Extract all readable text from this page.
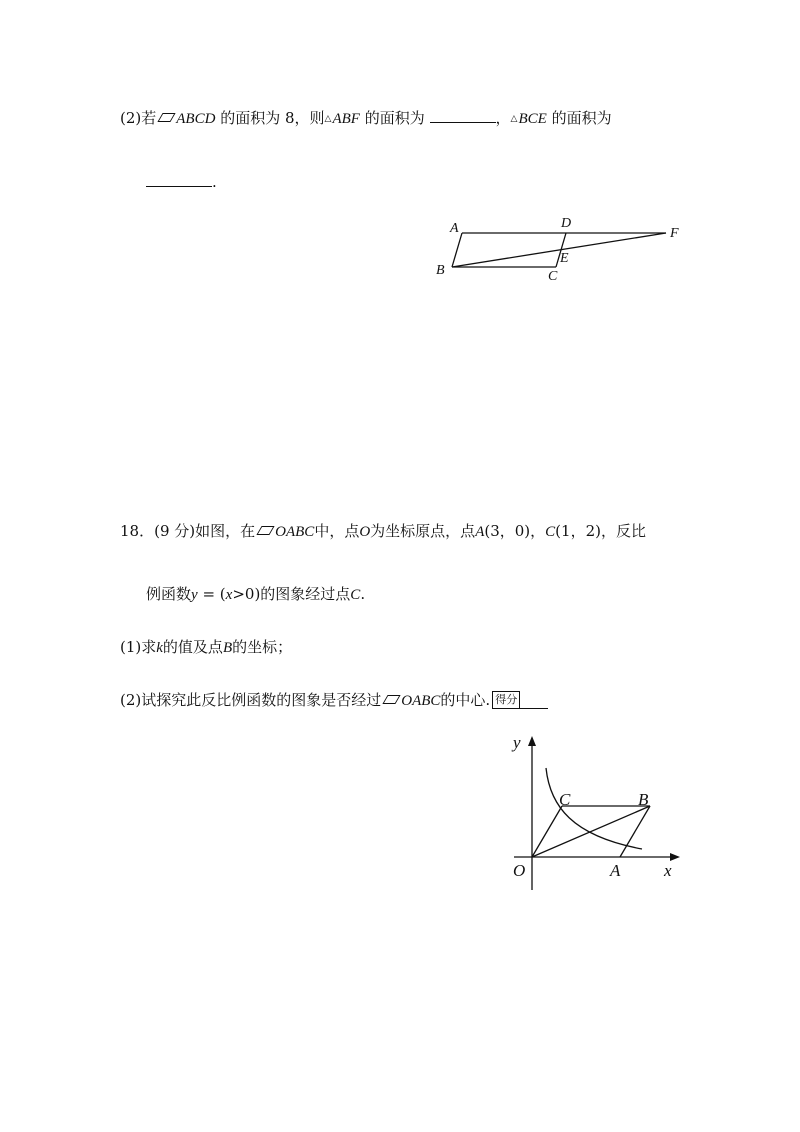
(2)若 ABCD 的面积为 8，则△ABF 的面积为	，△BCE 的面积为
.
A
B	C
D
E
F
18．(9 分)如图，在 OABC中，点O为坐标原点，点A(3，0)，C(1，2)，反比
例函数y = (x>0)的图象经过点C.
(1)求k的值及点B的坐标；
(2)试探究此反比例函数的图象是否经过 OABC的中心. 得分
y
x
O	A
C	B
